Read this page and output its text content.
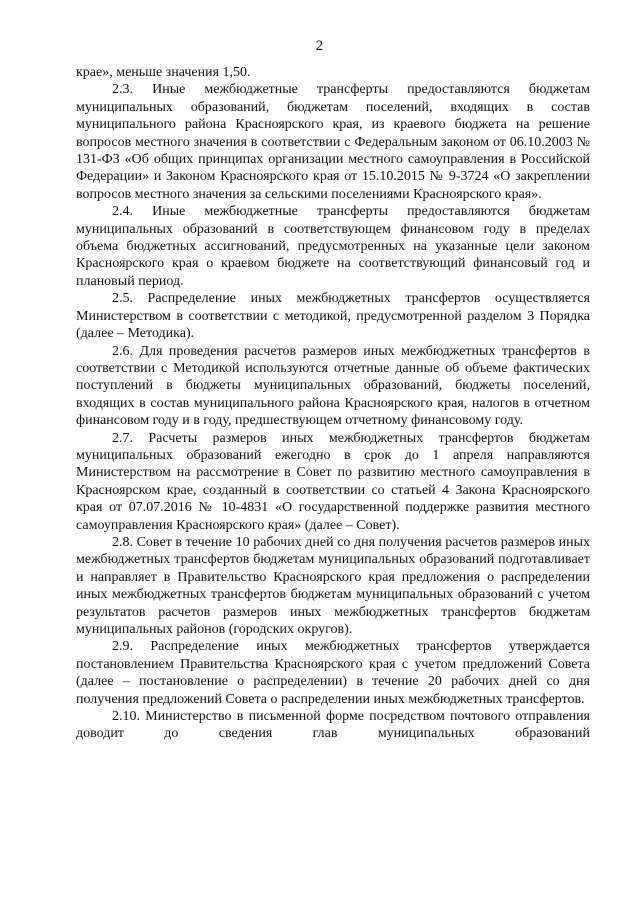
2

крае», меньше значения 1,50.

2.3. Иные межбюджетные трансферты предоставляются бюджетам муниципальных образований, бюджетам поселений, входящих в состав муниципального района Красноярского края, из краевого бюджета на решение вопросов местного значения в соответствии с Федеральным законом от 06.10.2003 № 131-ФЗ «Об общих принципах организации местного самоуправления в Российской Федерации» и Законом Красноярского края от 15.10.2015 № 9-3724 «О закреплении вопросов местного значения за сельскими поселениями Красноярского края».

2.4. Иные межбюджетные трансферты предоставляются бюджетам муниципальных образований в соответствующем финансовом году в пределах объема бюджетных ассигнований, предусмотренных на указанные цели законом Красноярского края о краевом бюджете на соответствующий финансовый год и плановый период.

2.5. Распределение иных межбюджетных трансфертов осуществляется Министерством в соответствии с методикой, предусмотренной разделом 3 Порядка (далее – Методика).

2.6. Для проведения расчетов размеров иных межбюджетных трансфертов в соответствии с Методикой используются отчетные данные об объеме фактических поступлений в бюджеты муниципальных образований, бюджеты поселений, входящих в состав муниципального района Красноярского края, налогов в отчетном финансовом году и в году, предшествующем отчетному финансовому году.

2.7. Расчеты размеров иных межбюджетных трансфертов бюджетам муниципальных образований ежегодно в срок до 1 апреля направляются Министерством на рассмотрение в Совет по развитию местного самоуправления в Красноярском крае, созданный в соответствии со статьей 4 Закона Красноярского края от 07.07.2016 № 10-4831 «О государственной поддержке развития местного самоуправления Красноярского края» (далее – Совет).

2.8. Совет в течение 10 рабочих дней со дня получения расчетов размеров иных межбюджетных трансфертов бюджетам муниципальных образований подготавливает и направляет в Правительство Красноярского края предложения о распределении иных межбюджетных трансфертов бюджетам муниципальных образований с учетом результатов расчетов размеров иных межбюджетных трансфертов бюджетам муниципальных районов (городских округов).

2.9. Распределение иных межбюджетных трансфертов утверждается постановлением Правительства Красноярского края с учетом предложений Совета (далее – постановление о распределении) в течение 20 рабочих дней со дня получения предложений Совета о распределении иных межбюджетных трансфертов.

2.10. Министерство в письменной форме посредством почтового отправления доводит до сведения глав муниципальных образований
